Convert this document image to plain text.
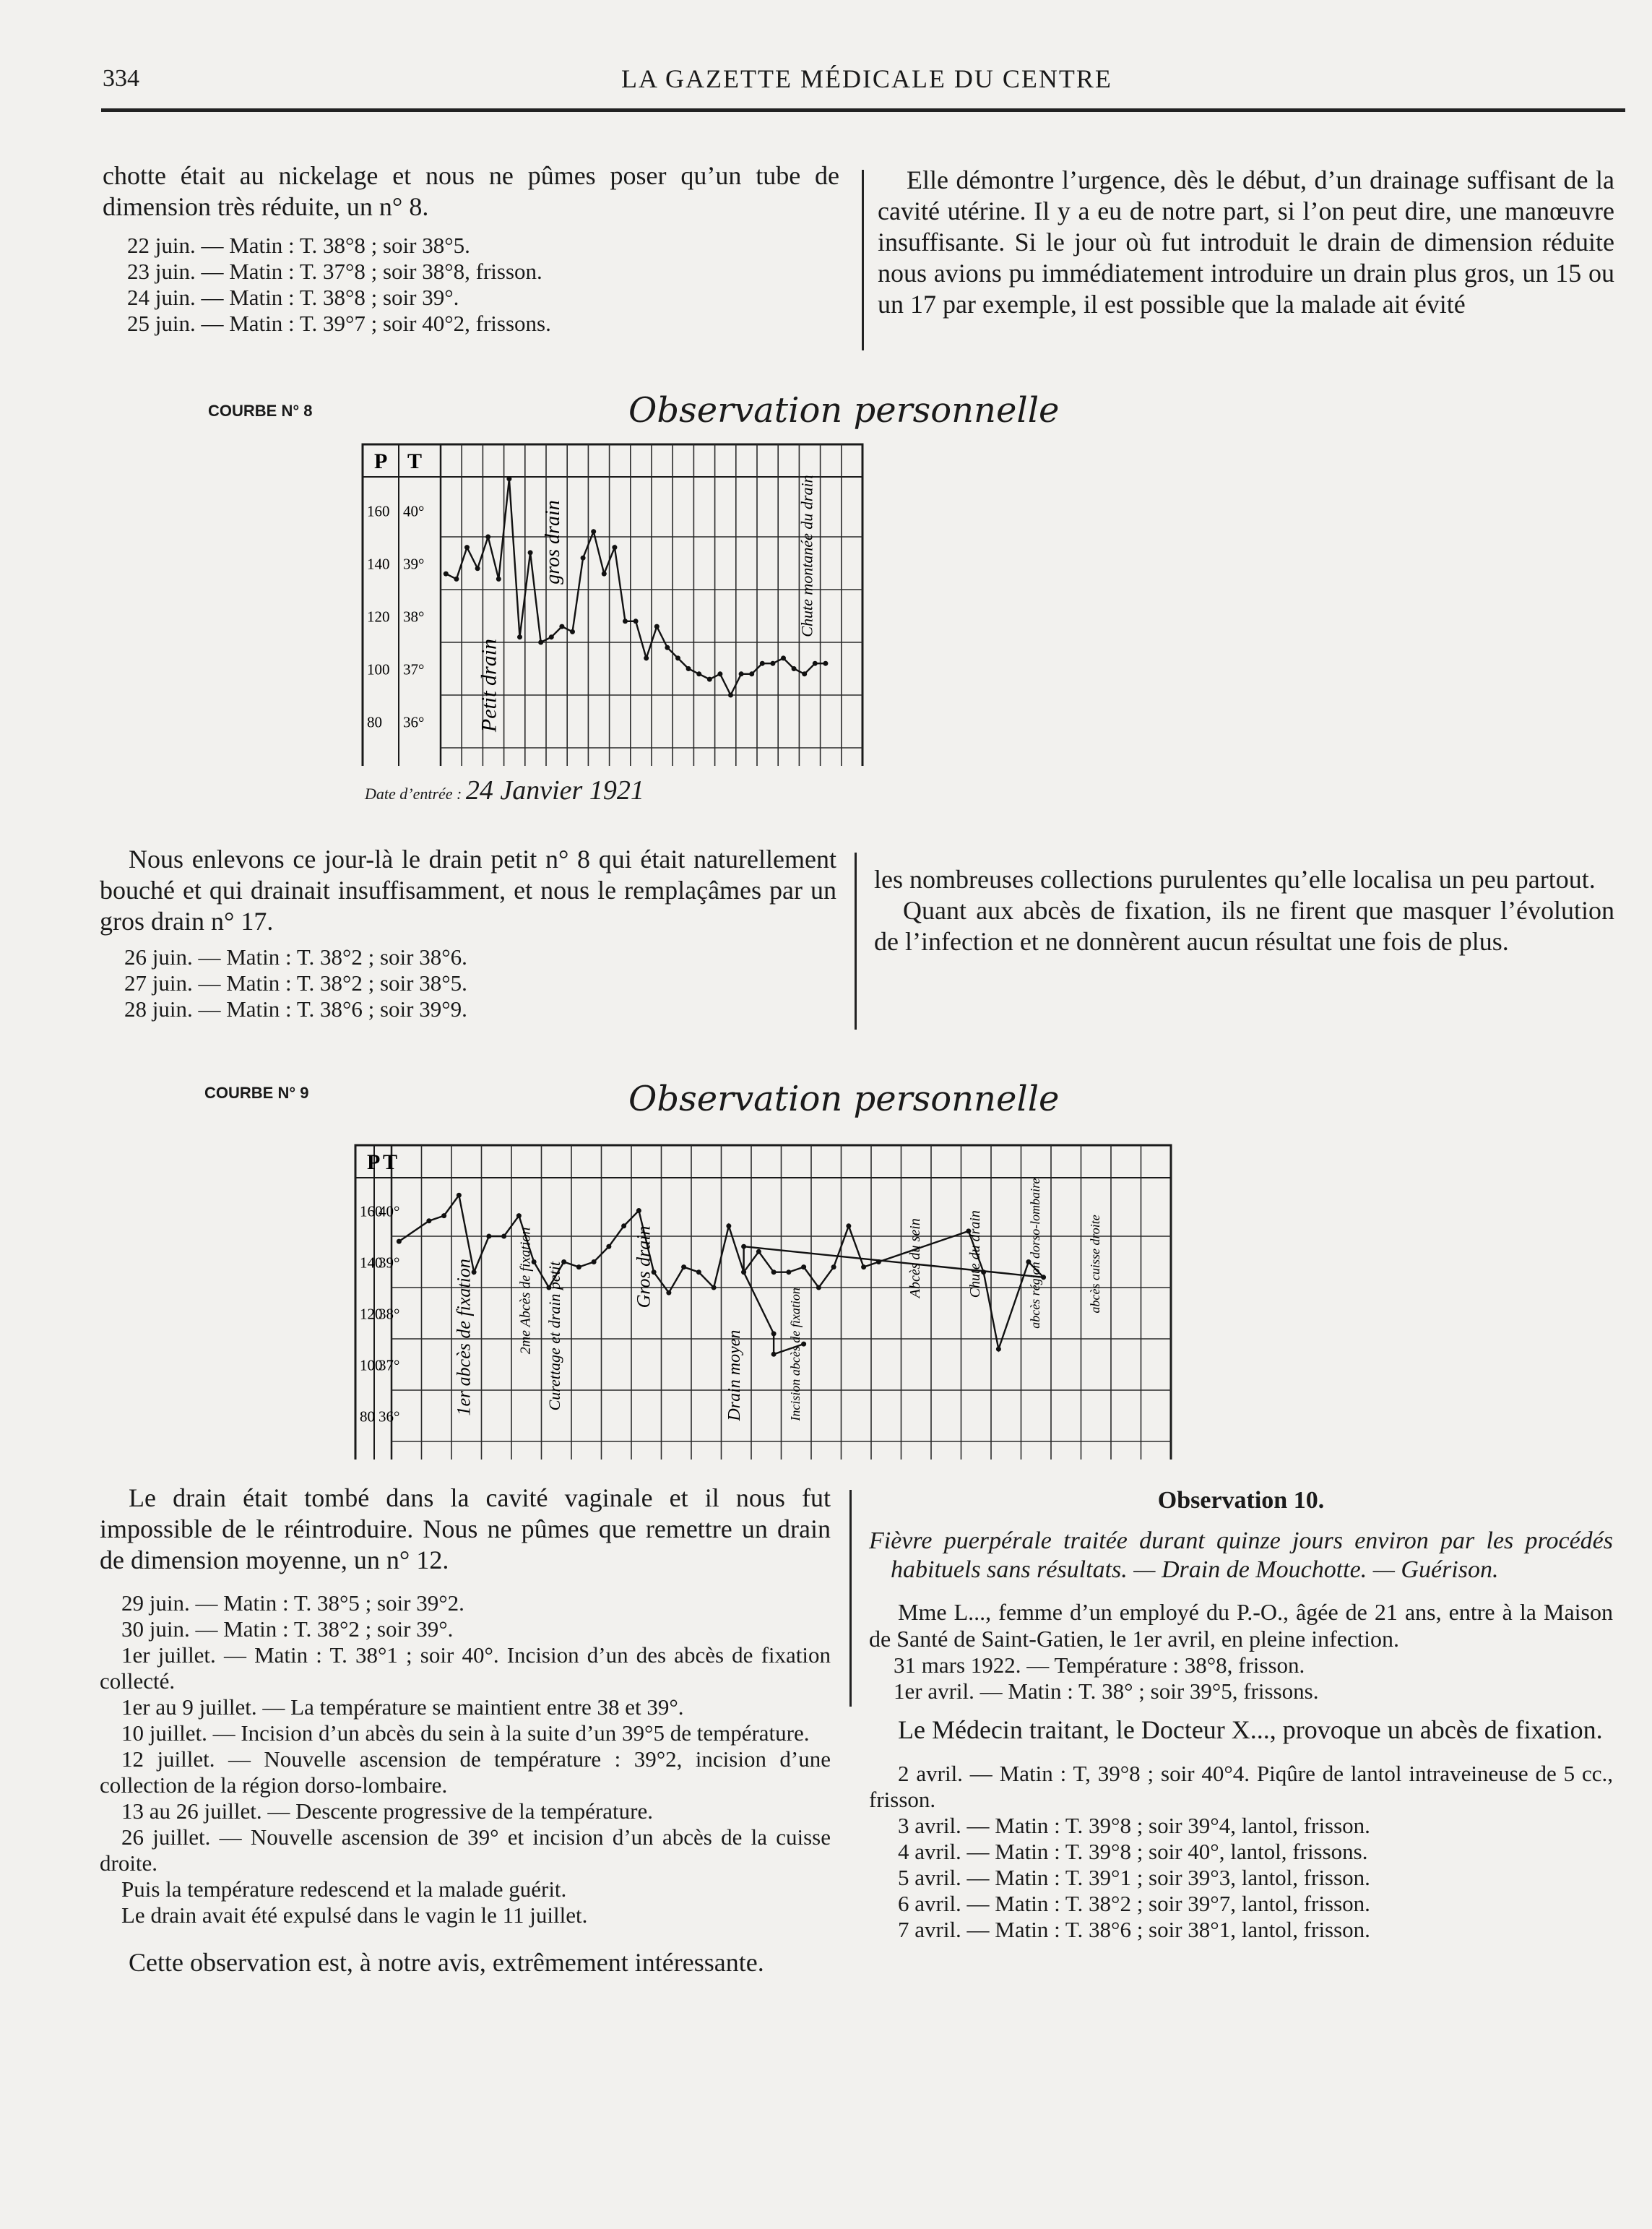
334	LA GAZETTE MÉDICALE DU CENTRE

chotte était au nickelage et nous ne pûmes poser qu’un tube de dimension très réduite, un n° 8.

22 juin. — Matin : T. 38°8 ; soir 38°5.
23 juin. — Matin : T. 37°8 ; soir 38°8, frisson.
24 juin. — Matin : T. 38°8 ; soir 39°.
25 juin. — Matin : T. 39°7 ; soir 40°2, frissons.

Elle démontre l’urgence, dès le début, d’un drainage suffisant de la cavité utérine. Il y a eu de notre part, si l’on peut dire, une manœuvre insuffisante. Si le jour où fut introduit le drain de dimension réduite nous avions pu immédiatement introduire un drain plus gros, un 15 ou un 17 par exemple, il est possible que la malade ait évité

COURBE N° 8	Observation personnelle
P T
160 40°
140 39°
120 38°
100 37°
80 36° Petit drain
gros drain	Chute montanée du drain
Date d’entrée : 24 Janvier 1921

Nous enlevons ce jour-là le drain petit n° 8 qui était naturellement bouché et qui drainait insuffisamment, et nous le remplaçâmes par un gros drain n° 17.

26 juin. — Matin : T. 38°2 ; soir 38°6.
27 juin. — Matin : T. 38°2 ; soir 38°5.
28 juin. — Matin : T. 38°6 ; soir 39°9.

les nombreuses collections purulentes qu’elle localisa un peu partout.

Quant aux abcès de fixation, ils ne firent que masquer l’évolution de l’infection et ne donnèrent aucun résultat une fois de plus.

COURBE N° 9	Observation personnelle
P T
160
40°
140
39°
120
38°
100
37°
80 36°
1er abcès de fixation	2me Abcès de fixation Curettage et drain petit	Gros drain
Drain moyen	Incision abcès de fixation
Abcès du sein	Chute du drain	abcès région dorso-lombaire	abcès cuisse droite

Le drain était tombé dans la cavité vaginale et il nous fut impossible de le réintroduire. Nous ne pûmes que remettre un drain de dimension moyenne, un n° 12.

29 juin. — Matin : T. 38°5 ; soir 39°2.
30 juin. — Matin : T. 38°2 ; soir 39°.
1er juillet. — Matin : T. 38°1 ; soir 40°. Incision d’un des abcès de fixation collecté.
1er au 9 juillet. — La température se maintient entre 38 et 39°.
10 juillet. — Incision d’un abcès du sein à la suite d’un 39°5 de température.
12 juillet. — Nouvelle ascension de température : 39°2, incision d’une collection de la région dorso-lombaire.
13 au 26 juillet. — Descente progressive de la température.
26 juillet. — Nouvelle ascension de 39° et incision d’un abcès de la cuisse droite.
Puis la température redescend et la malade guérit.
Le drain avait été expulsé dans le vagin le 11 juillet.

Cette observation est, à notre avis, extrêmement intéressante.

Observation 10.
Fièvre puerpérale traitée durant quinze jours environ par les procédés habituels sans résultats. — Drain de Mouchotte. — Guérison.

Mme L..., femme d’un employé du P.-O., âgée de 21 ans, entre à la Maison de Santé de Saint-Gatien, le 1er avril, en pleine infection.

31 mars 1922. — Température : 38°8, frisson.
1er avril. — Matin : T. 38° ; soir 39°5, frissons.

Le Médecin traitant, le Docteur X..., provoque un abcès de fixation.

2 avril. — Matin : T, 39°8 ; soir 40°4. Piqûre de lantol intraveineuse de 5 cc., frisson.
3 avril. — Matin : T. 39°8 ; soir 39°4, lantol, frisson.
4 avril. — Matin : T. 39°8 ; soir 40°, lantol, frissons.
5 avril. — Matin : T. 39°1 ; soir 39°3, lantol, frisson.
6 avril. — Matin : T. 38°2 ; soir 39°7, lantol, frisson.
7 avril. — Matin : T. 38°6 ; soir 38°1, lantol, frisson.
